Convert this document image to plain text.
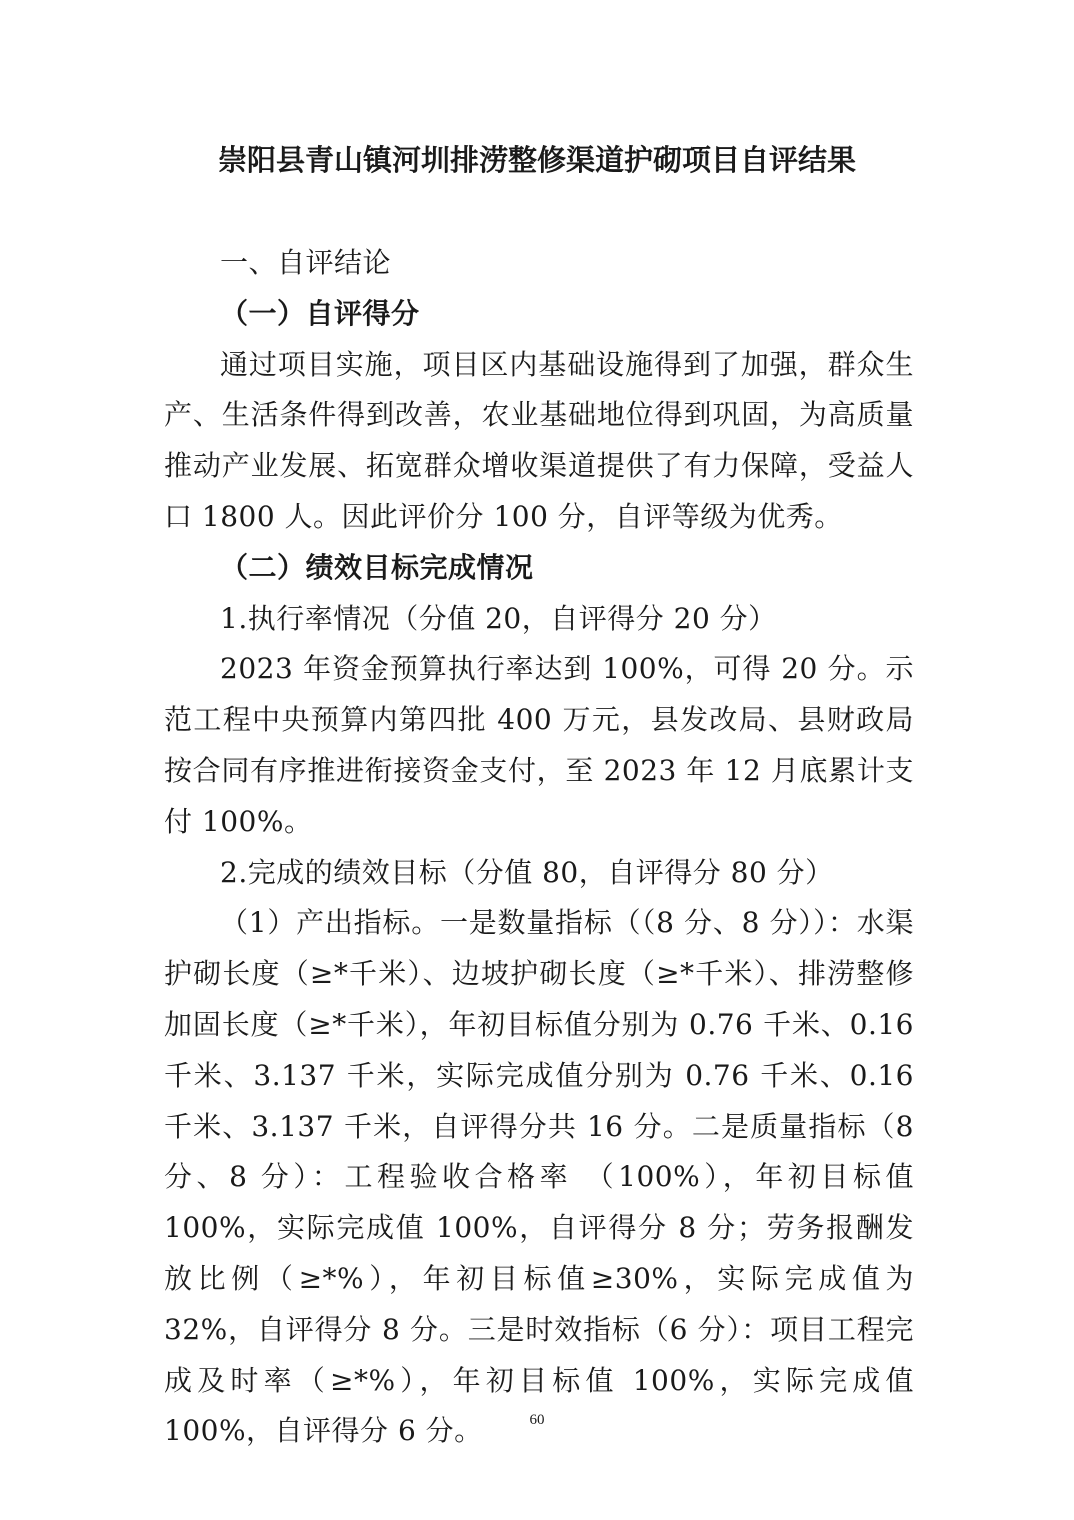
崇阳县青山镇河圳排涝整修渠道护砌项目自评结果

一、自评结论

（一）自评得分

通过项目实施，项目区内基础设施得到了加强，群众生产、生活条件得到改善，农业基础地位得到巩固，为高质量推动产业发展、拓宽群众增收渠道提供了有力保障，受益人口 1800 人。因此评价分 100 分，自评等级为优秀。

（二）绩效目标完成情况

1.执行率情况（分值 20，自评得分 20 分）

2023 年资金预算执行率达到 100%，可得 20 分。示范工程中央预算内第四批 400 万元，县发改局、县财政局按合同有序推进衔接资金支付，至 2023 年 12 月底累计支付 100%。

2.完成的绩效目标（分值 80，自评得分 80 分）

（1）产出指标。一是数量指标（（8 分、8 分））：水渠护砌长度（≥*千米）、边坡护砌长度（≥*千米）、排涝整修加固长度（≥*千米），年初目标值分别为 0.76 千米、0.16 千米、3.137 千米，实际完成值分别为 0.76 千米、0.16 千米、3.137 千米，自评得分共 16 分。二是质量指标（8 分、8 分）：工程验收合格率 （100%），年初目标值 100%，实际完成值 100%，自评得分 8 分；劳务报酬发放比例（≥*%），年初目标值≥30%，实际完成值为 32%，自评得分 8 分。三是时效指标（6 分）：项目工程完成及时率（≥*%），年初目标值 100%，实际完成值 100%，自评得分 6 分。	60
